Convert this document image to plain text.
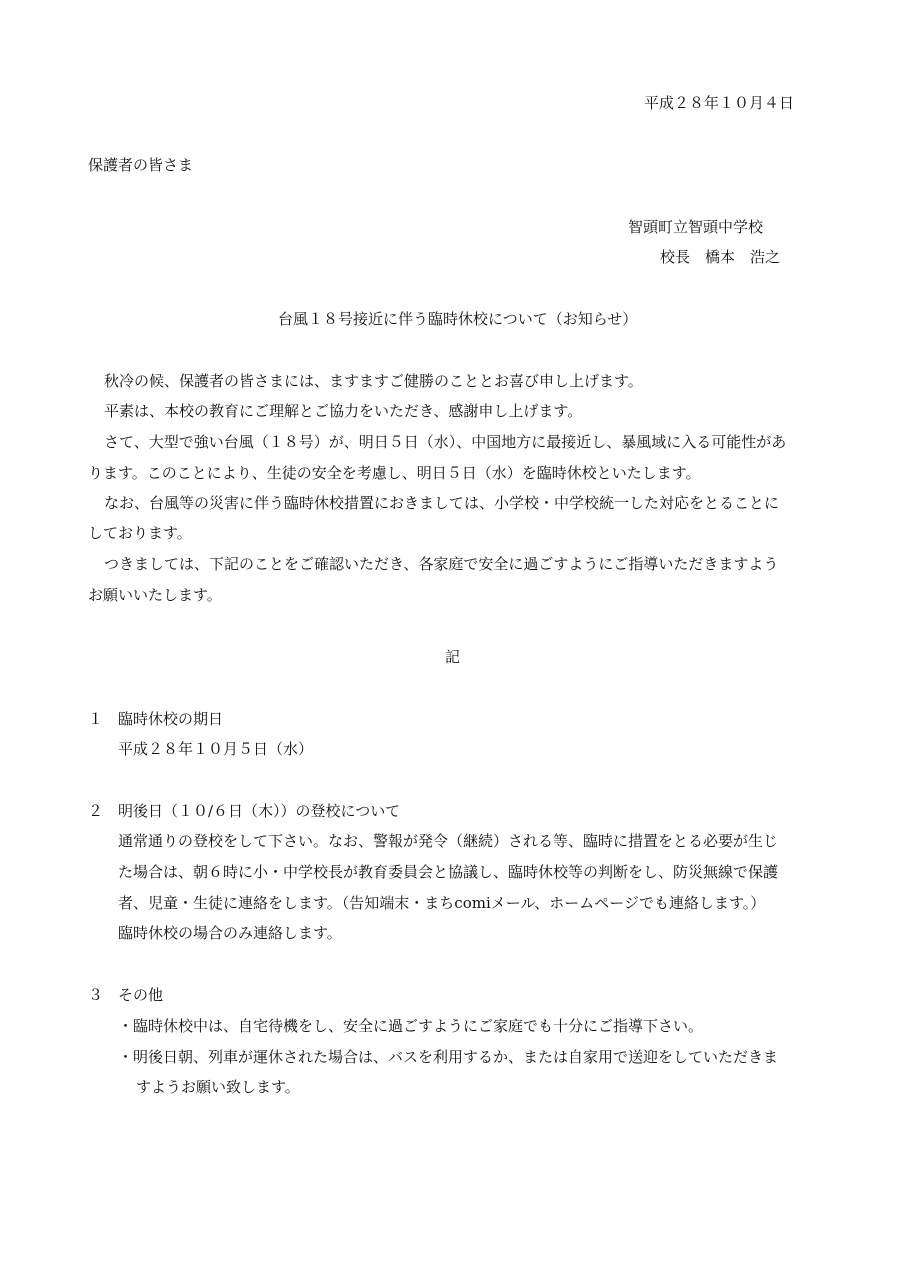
平成２８年１０月４日
保護者の皆さま
智頭町立智頭中学校
校長　橋本　浩之
台風１８号接近に伴う臨時休校について（お知らせ）
秋冷の候、保護者の皆さまには、ますますご健勝のこととお喜び申し上げます。
平素は、本校の教育にご理解とご協力をいただき、感謝申し上げます。
さて、大型で強い台風（１８号）が、明日５日（水）、中国地方に最接近し、暴風域に入る可能性があ
ります。このことにより、生徒の安全を考慮し、明日５日（水）を臨時休校といたします。
なお、台風等の災害に伴う臨時休校措置におきましては、小学校・中学校統一した対応をとることに
しております。
つきましては、下記のことをご確認いただき、各家庭で安全に過ごすようにご指導いただきますよう
お願いいたします。
記
１ 臨時休校の期日
平成２８年１０月５日（水）
２ 明後日（１０/６日（木））の登校について
通常通りの登校をして下さい。なお、警報が発令（継続）される等、臨時に措置をとる必要が生じ
た場合は、朝６時に小・中学校長が教育委員会と協議し、臨時休校等の判断をし、防災無線で保護
者、児童・生徒に連絡をします。（告知端末・まちcomiメール、ホームページでも連絡します。）
臨時休校の場合のみ連絡します。
３ その他
・臨時休校中は、自宅待機をし、安全に過ごすようにご家庭でも十分にご指導下さい。
・明後日朝、列車が運休された場合は、バスを利用するか、または自家用で送迎をしていただきま
すようお願い致します。
